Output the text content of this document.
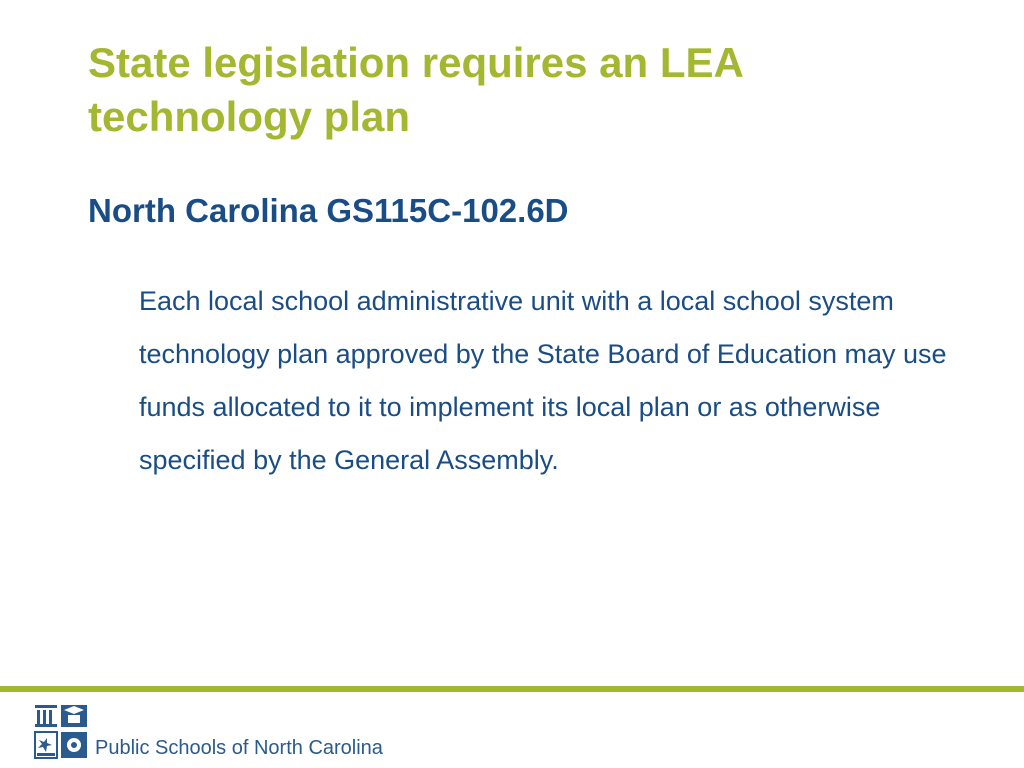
State legislation requires an LEA technology plan
North Carolina GS115C-102.6D

Each local school administrative unit with a local school system technology plan approved by the State Board of Education may use funds allocated to it to implement its local plan or as otherwise specified by the General Assembly.

Public Schools of North Carolina
